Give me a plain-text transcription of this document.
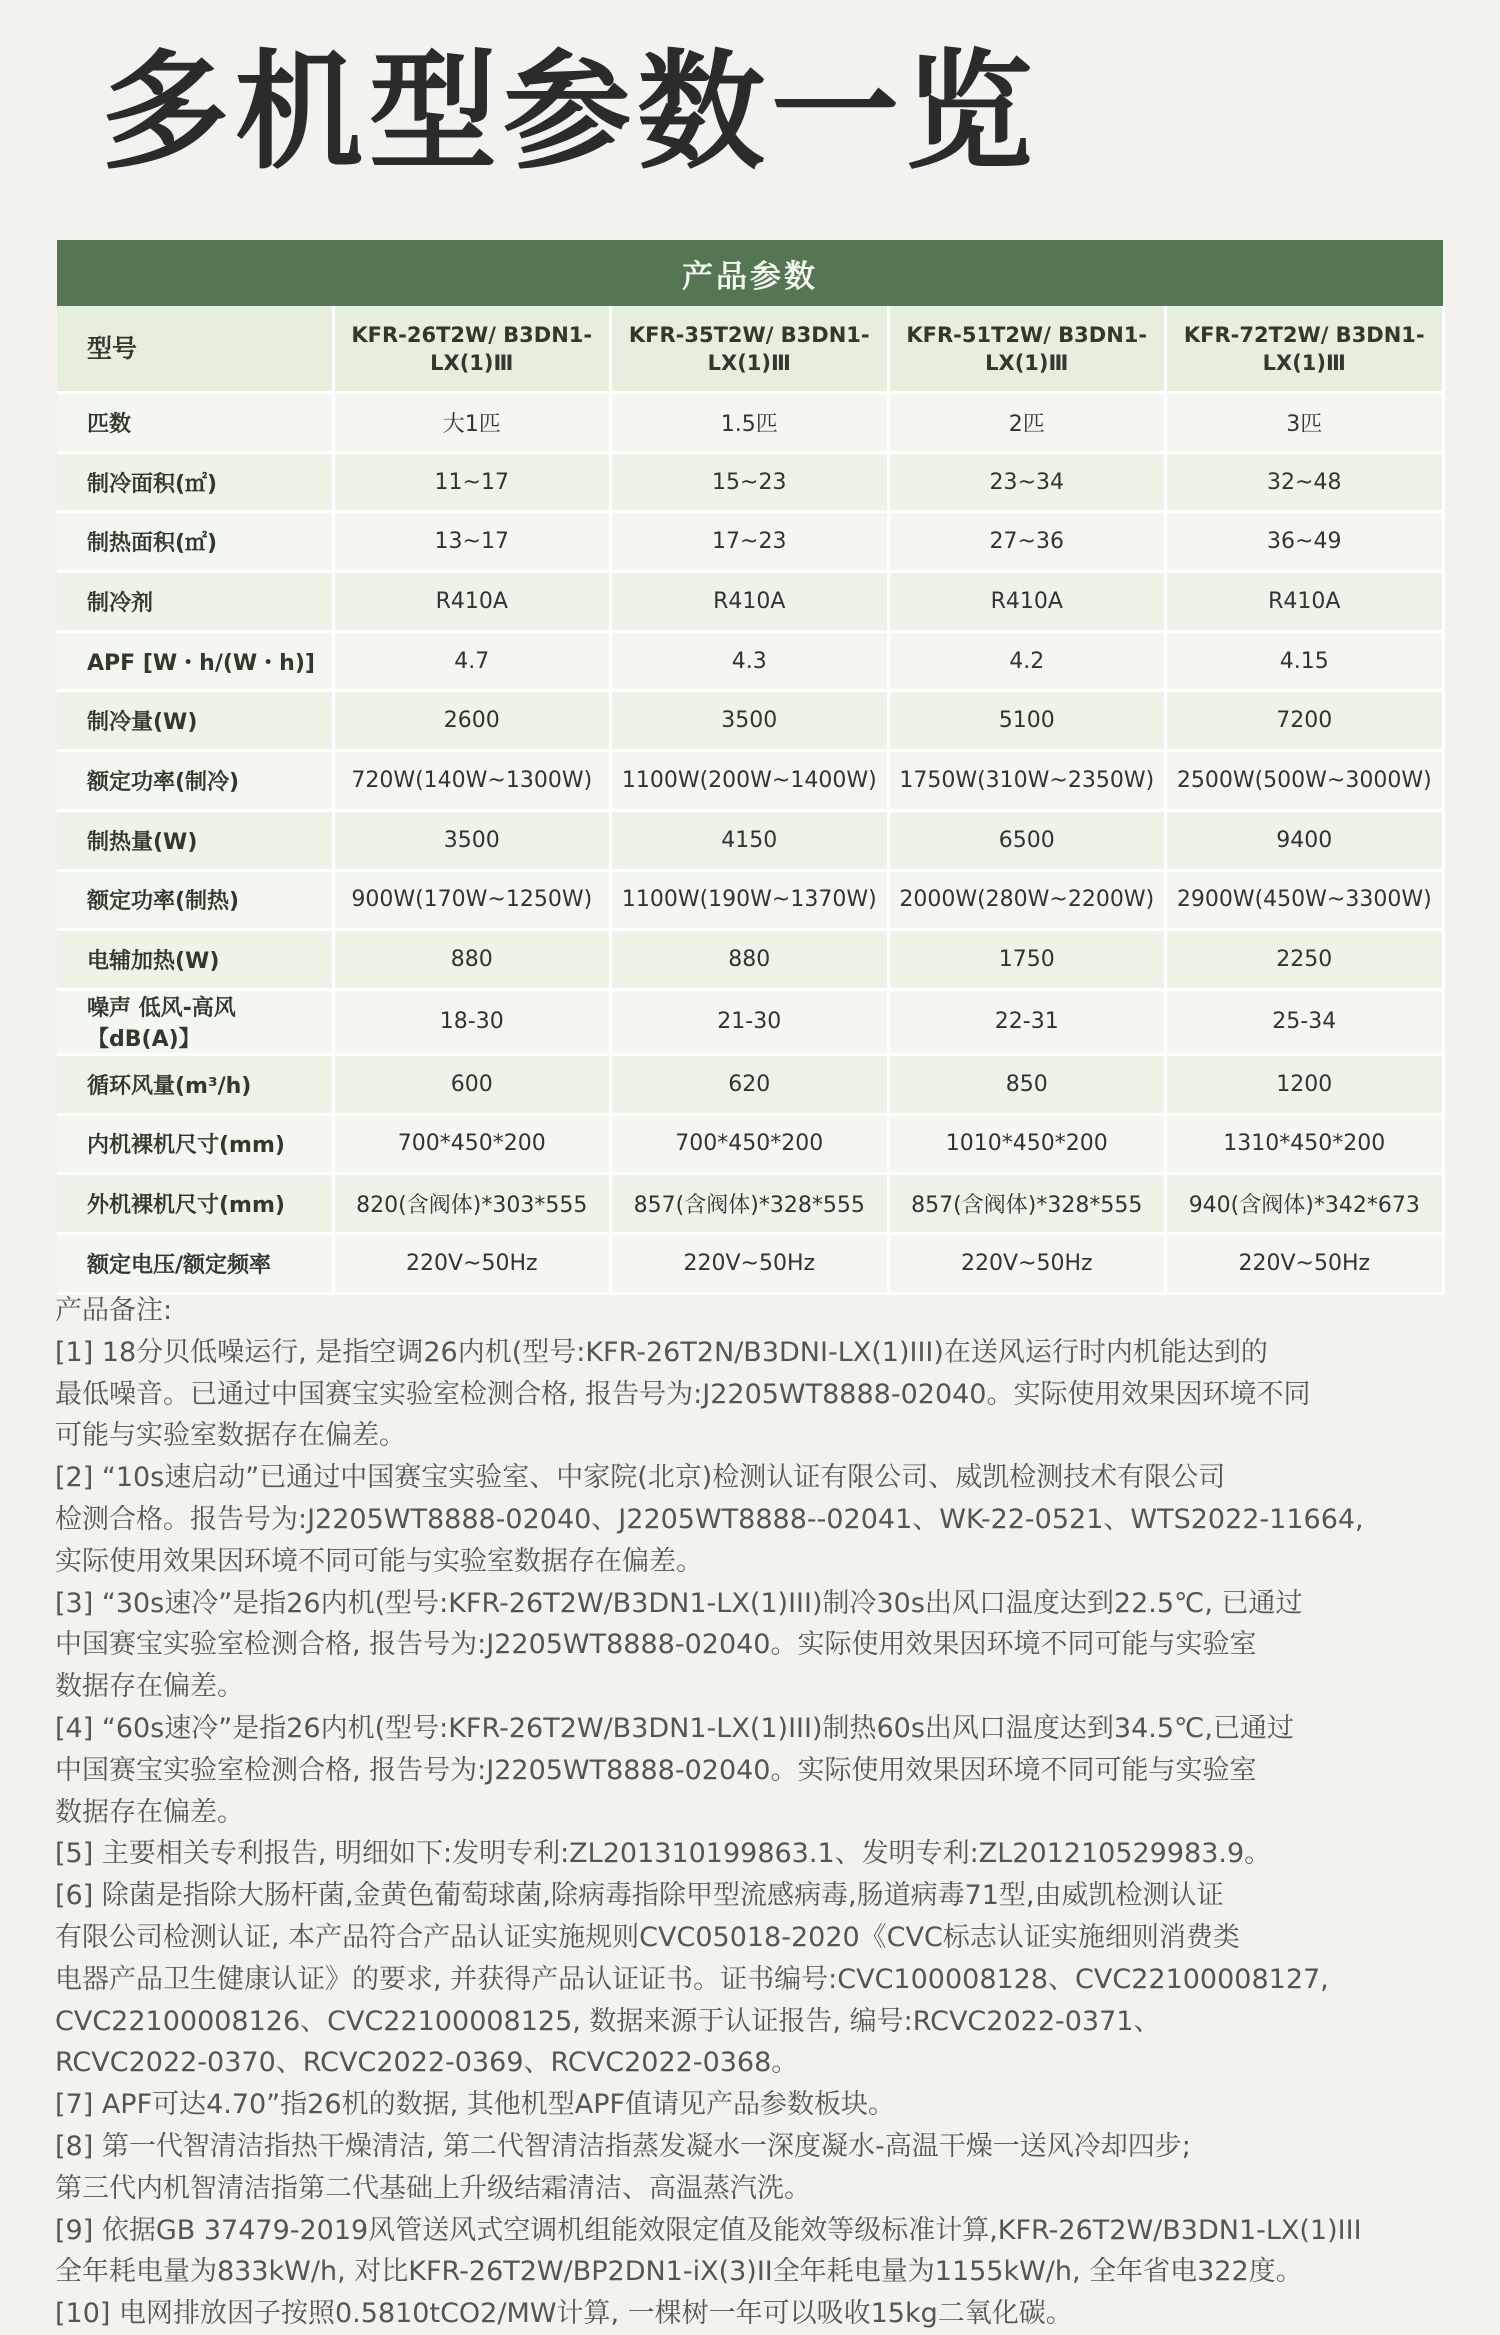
多机型参数一览
产品参数				
型号	KFR-26T2W/ B3DN1-LX(1)Ⅲ	KFR-35T2W/ B3DN1-LX(1)Ⅲ	KFR-51T2W/ B3DN1-LX(1)Ⅲ	KFR-72T2W/ B3DN1-LX(1)Ⅲ
匹数	大1匹	1.5匹	2匹	3匹
制冷面积(㎡)	11~17	15~23	23~34	32~48
制热面积(㎡)	13~17	17~23	27~36	36~49
制冷剂	R410A	R410A	R410A	R410A
APF [W・h/(W・h)]	4.7	4.3	4.2	4.15
制冷量(W)	2600	3500	5100	7200
额定功率(制冷)	720W(140W~1300W)	1100W(200W~1400W)	1750W(310W~2350W)	2500W(500W~3000W)
制热量(W)	3500	4150	6500	9400
额定功率(制热)	900W(170W~1250W)	1100W(190W~1370W)	2000W(280W~2200W)	2900W(450W~3300W)
电辅加热(W)	880	880	1750	2250
噪声 低风-高风【dB(A)】	18-30	21-30	22-31	25-34
循环风量(m³/h)	600	620	850	1200
内机裸机尺寸(mm)	700*450*200	700*450*200	1010*450*200	1310*450*200
外机裸机尺寸(mm)	820(含阀体)*303*555	857(含阀体)*328*555	857(含阀体)*328*555	940(含阀体)*342*673
额定电压/额定频率	220V~50Hz	220V~50Hz	220V~50Hz	220V~50Hz

产品备注:

[1] 18分贝低噪运行, 是指空调26内机(型号:KFR-26T2N/B3DNI-LX(1)III)在送风运行时内机能达到的

最低噪音。已通过中国赛宝实验室检测合格, 报告号为:J2205WT8888-02040。实际使用效果因环境不同

可能与实验室数据存在偏差。

[2] “10s速启动”已通过中国赛宝实验室、中家院(北京)检测认证有限公司、威凯检测技术有限公司

检测合格。报告号为:J2205WT8888-02040、J2205WT8888--02041、WK-22-0521、WTS2022-11664,

实际使用效果因环境不同可能与实验室数据存在偏差。

[3] “30s速冷”是指26内机(型号:KFR-26T2W/B3DN1-LX(1)III)制冷30s出风口温度达到22.5℃, 已通过

中国赛宝实验室检测合格, 报告号为:J2205WT8888-02040。实际使用效果因环境不同可能与实验室

数据存在偏差。

[4] “60s速冷”是指26内机(型号:KFR-26T2W/B3DN1-LX(1)III)制热60s出风口温度达到34.5℃,已通过

中国赛宝实验室检测合格, 报告号为:J2205WT8888-02040。实际使用效果因环境不同可能与实验室

数据存在偏差。

[5] 主要相关专利报告, 明细如下:发明专利:ZL201310199863.1、发明专利:ZL201210529983.9。

[6] 除菌是指除大肠杆菌,金黄色葡萄球菌,除病毒指除甲型流感病毒,肠道病毒71型,由威凯检测认证

有限公司检测认证, 本产品符合产品认证实施规则CVC05018-2020《CVC标志认证实施细则消费类

电器产品卫生健康认证》的要求, 并获得产品认证证书。证书编号:CVC100008128、CVC22100008127,

CVC22100008126、CVC22100008125, 数据来源于认证报告, 编号:RCVC2022-0371、

RCVC2022-0370、RCVC2022-0369、RCVC2022-0368。

[7] APF可达4.70”指26机的数据, 其他机型APF值请见产品参数板块。

[8] 第一代智清洁指热干燥清洁, 第二代智清洁指蒸发凝水一深度凝水-高温干燥一送风冷却四步;

第三代内机智清洁指第二代基础上升级结霜清洁、高温蒸汽洗。

[9] 依据GB 37479-2019风管送风式空调机组能效限定值及能效等级标准计算,KFR-26T2W/B3DN1-LX(1)III

全年耗电量为833kW/h, 对比KFR-26T2W/BP2DN1-iX(3)II全年耗电量为1155kW/h, 全年省电322度。

[10] 电网排放因子按照0.5810tCO2/MW计算, 一棵树一年可以吸收15kg二氧化碳。
